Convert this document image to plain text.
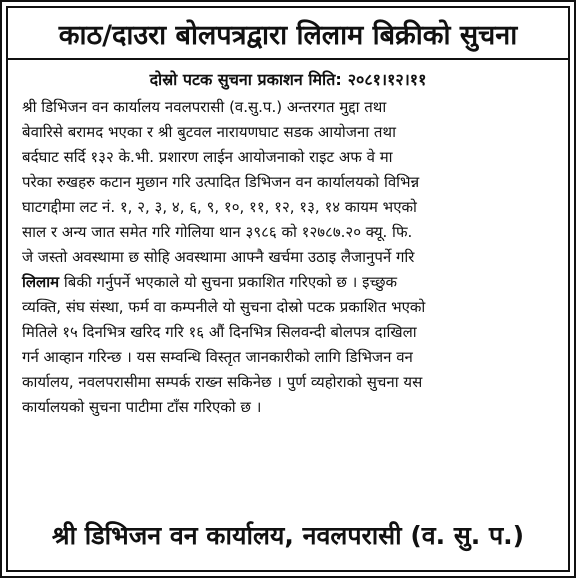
काठ/दाउरा बोलपत्रद्वारा लिलाम बिक्रीको सुचना
दोस्रो पटक सुचना प्रकाशन मिति: २०८१।१२।११
श्री डिभिजन वन कार्यालय नवलपरासी (व.सु.प.) अन्तरगत मुद्दा तथा
बेवारिसे बरामद भएका र श्री बुटवल नारायणघाट सडक आयोजना तथा
बर्दघाट सर्दि १३२ के.भी. प्रशारण लाईन आयोजनाको राइट अफ वे मा
परेका रुखहरु कटान मुछान गरि उत्पादित डिभिजन वन कार्यालयको विभिन्न
घाटगद्दीमा लट नं. १, २, ३, ४, ६, ९, १०, ११, १२, १३, १४ कायम भएको
साल र अन्य जात समेत गरि गोलिया थान ३९८६ को १२७८७.२० क्यू. फि.
जे जस्तो अवस्थामा छ सोहि अवस्थामा आफ्नै खर्चमा उठाइ लैजानुपर्ने गरि
लिलाम बिकी गर्नुपर्ने भएकाले यो सुचना प्रकाशित गरिएको छ । इच्छुक
व्यक्ति, संघ संस्था, फर्म वा कम्पनीले यो सुचना दोस्रो पटक प्रकाशित भएको
मितिले १५ दिनभित्र खरिद गरि १६ औं दिनभित्र सिलवन्दी बोलपत्र दाखिला
गर्न आव्हान गरिन्छ । यस सम्वन्धि विस्तृत जानकारीको लागि डिभिजन वन
कार्यालय, नवलपरासीमा सम्पर्क राख्न सकिनेछ । पुर्ण व्यहोराको सुचना यस
कार्यालयको सुचना पाटीमा टाँस गरिएको छ ।
श्री डिभिजन वन कार्यालय, नवलपरासी (व. सु. प.)
